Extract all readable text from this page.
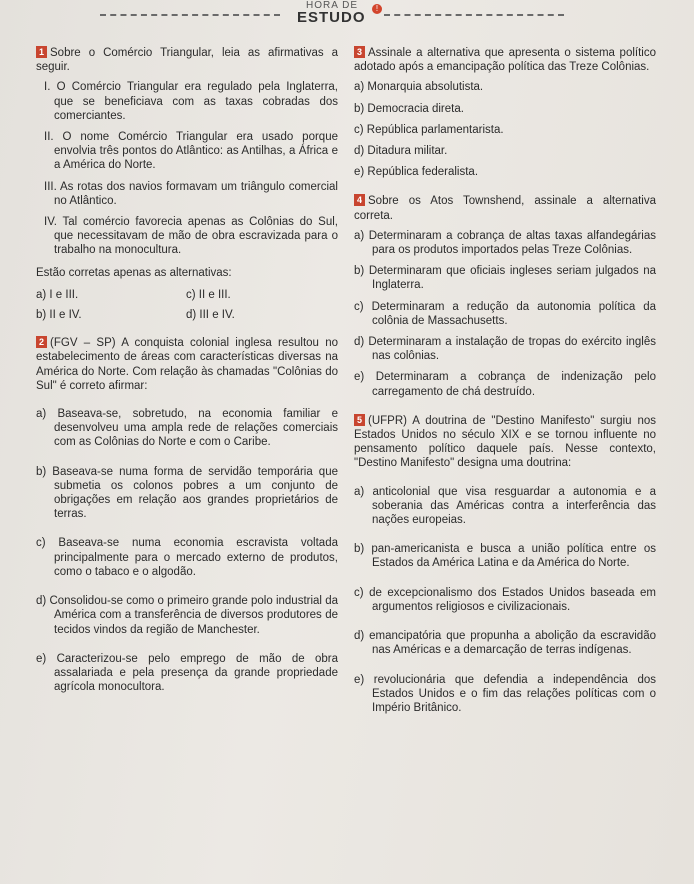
HORA DE
ESTUDO
!

1 Sobre o Comércio Triangular, leia as afirmativas a seguir.

I. O Comércio Triangular era regulado pela Inglaterra, que se beneficiava com as taxas cobradas dos comerciantes.

II. O nome Comércio Triangular era usado porque envolvia três pontos do Atlântico: as Antilhas, a África e a América do Norte.

III. As rotas dos navios formavam um triângulo comercial no Atlântico.

IV. Tal comércio favorecia apenas as Colônias do Sul, que necessitavam de mão de obra escravizada para o trabalho na monocultura.

Estão corretas apenas as alternativas:

a) I e III.	c) II e III.
b) II e IV.	d) III e IV.

2 (FGV – SP) A conquista colonial inglesa resultou no estabelecimento de áreas com características diversas na América do Norte. Com relação às chamadas "Colônias do Sul" é correto afirmar:

a) Baseava-se, sobretudo, na economia familiar e desenvolveu uma ampla rede de relações comerciais com as Colônias do Norte e com o Caribe.

b) Baseava-se numa forma de servidão temporária que submetia os colonos pobres a um conjunto de obrigações em relação aos grandes proprietários de terras.

c) Baseava-se numa economia escravista voltada principalmente para o mercado externo de produtos, como o tabaco e o algodão.

d) Consolidou-se como o primeiro grande polo industrial da América com a transferência de diversos produtores de tecidos vindos da região de Manchester.

e) Caracterizou-se pelo emprego de mão de obra assalariada e pela presença da grande propriedade agrícola monocultora.

3 Assinale a alternativa que apresenta o sistema político adotado após a emancipação política das Treze Colônias.

a) Monarquia absolutista.

b) Democracia direta.

c) República parlamentarista.

d) Ditadura militar.

e) República federalista.

4 Sobre os Atos Townshend, assinale a alternativa correta.

a) Determinaram a cobrança de altas taxas alfandegárias para os produtos importados pelas Treze Colônias.

b) Determinaram que oficiais ingleses seriam julgados na Inglaterra.

c) Determinaram a redução da autonomia política da colônia de Massachusetts.

d) Determinaram a instalação de tropas do exército inglês nas colônias.

e) Determinaram a cobrança de indenização pelo carregamento de chá destruído.

5 (UFPR) A doutrina de "Destino Manifesto" surgiu nos Estados Unidos no século XIX e se tornou influente no pensamento político daquele país. Nesse contexto, "Destino Manifesto" designa uma doutrina:

a) anticolonial que visa resguardar a autonomia e a soberania das Américas contra a interferência das nações europeias.

b) pan-americanista e busca a união política entre os Estados da América Latina e da América do Norte.

c) de excepcionalismo dos Estados Unidos baseada em argumentos religiosos e civilizacionais.

d) emancipatória que propunha a abolição da escravidão nas Américas e a demarcação de terras indígenas.

e) revolucionária que defendia a independência dos Estados Unidos e o fim das relações políticas com o Império Britânico.
